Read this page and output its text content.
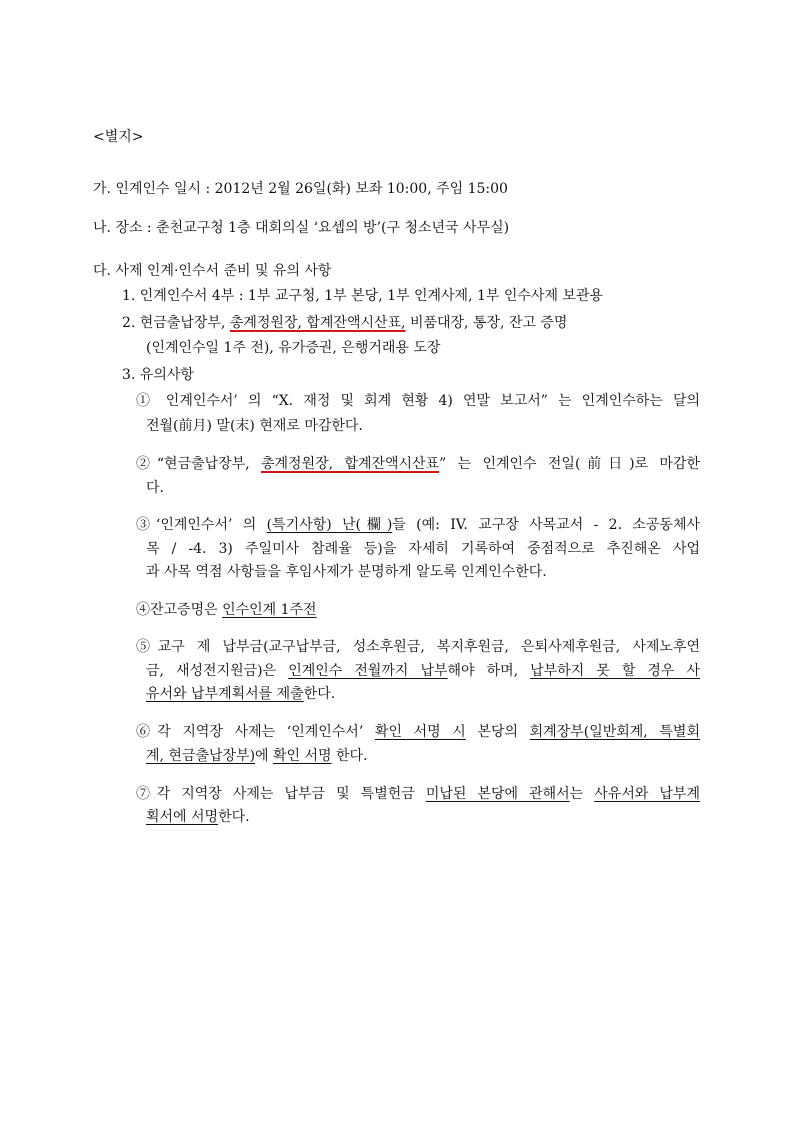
<별지>
가. 인계인수 일시 : 2012년 2월 26일(화) 보좌 10:00, 주임 15:00
나. 장소 : 춘천교구청 1층 대회의실 ‘요셉의 방’(구 청소년국 사무실)
다. 사제 인계·인수서 준비 및 유의 사항
1. 인계인수서 4부 : 1부 교구청, 1부 본당, 1부 인계사제, 1부 인수사제 보관용
2. 현금출납장부, 총계정원장, 합계잔액시산표, 비품대장, 통장, 잔고 증명
(인계인수일 1주 전), 유가증권, 은행거래용 도장
3. 유의사항
① 인계인수서’ 의 “X. 재정 및 회계 현황 4) 연말 보고서” 는 인계인수하는 달의
전월(前月) 말(末) 현재로 마감한다.
②“현금출납장부, 총계정원장, 합계잔액시산표” 는 인계인수 전일(前日)로 마감한
다.
③‘인계인수서’ 의 (특기사항) 난(欄)들 (예: IV. 교구장 사목교서 - 2. 소공동체사
목 / -4. 3) 주일미사 참례율 등)을 자세히 기록하여 중점적으로 추진해온 사업
과 사목 역점 사항들을 후임사제가 분명하게 알도록 인계인수한다.
④잔고증명은 인수인계 1주전
⑤교구 제 납부금(교구납부금, 성소후원금, 복지후원금, 은퇴사제후원금, 사제노후연
금, 새성전지원금)은 인계인수 전월까지 납부해야 하며, 납부하지 못 할 경우 사
유서와 납부계획서를 제출한다.
⑥각 지역장 사제는 ‘인계인수서’ 확인 서명 시 본당의 회계장부(일반회계, 특별회
계, 현금출납장부)에 확인 서명 한다.
⑦각 지역장 사제는 납부금 및 특별헌금 미납된 본당에 관해서는 사유서와 납부계
획서에 서명한다.
